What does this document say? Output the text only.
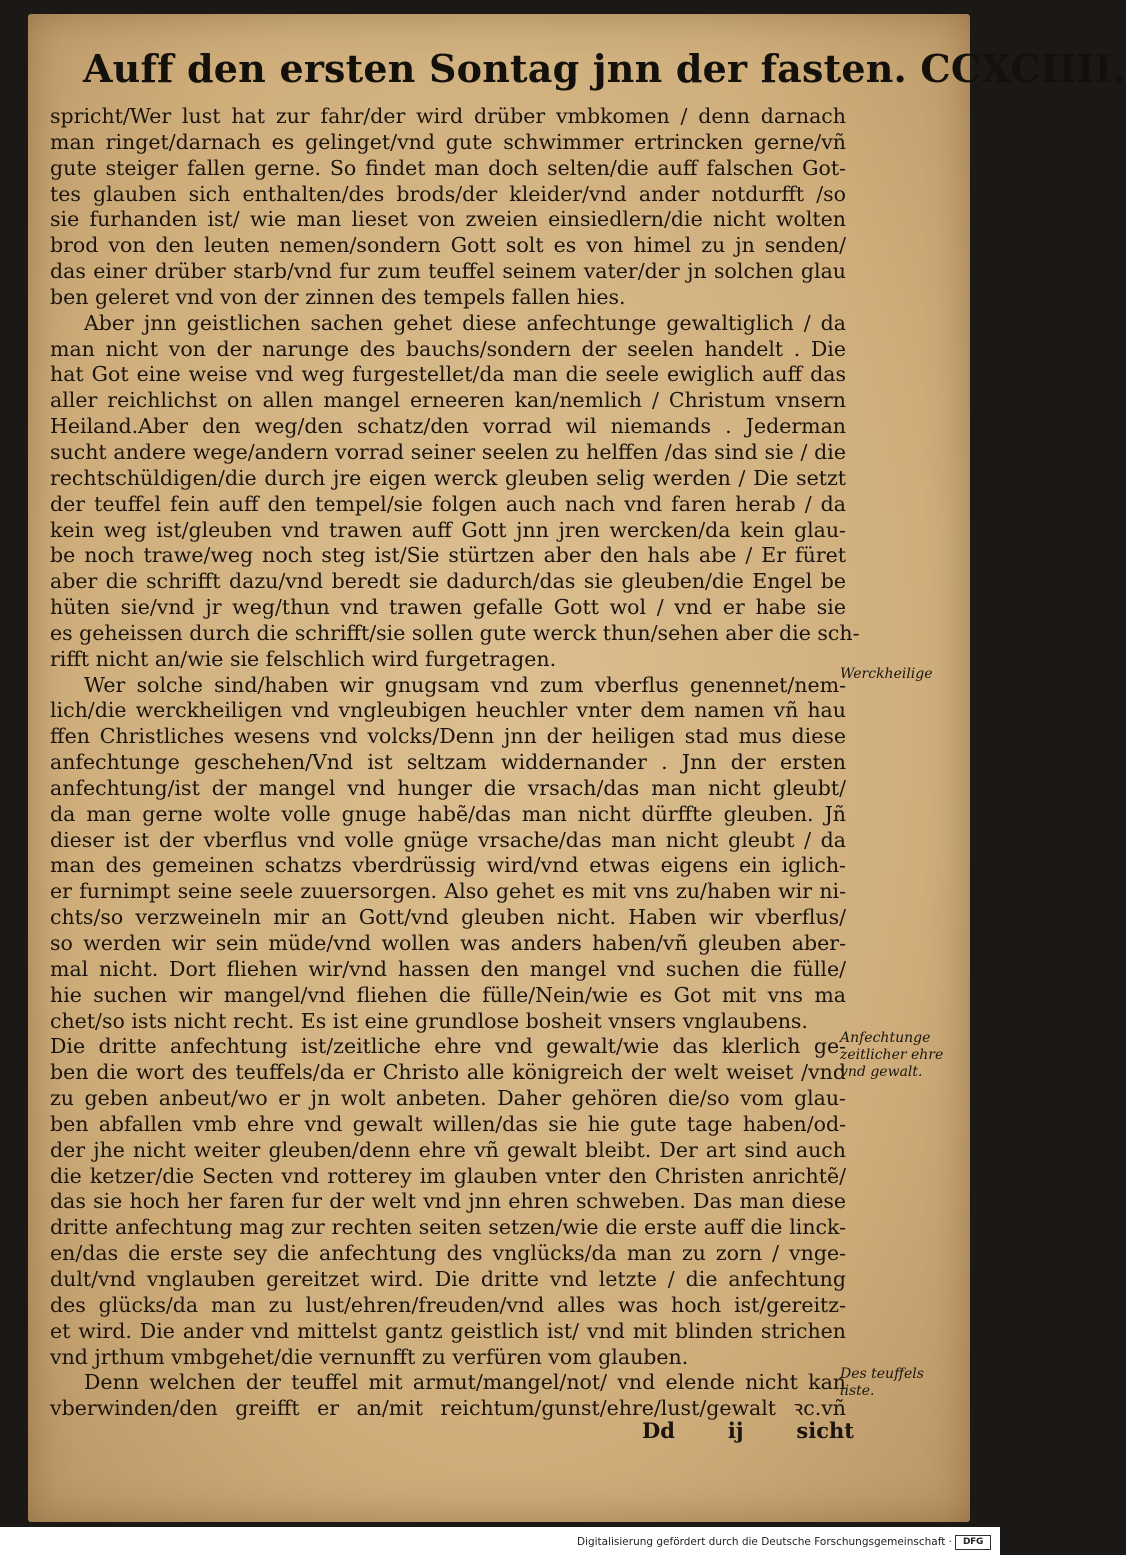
Auff den ersten Sontag jnn der fasten. CCXCIIII.
spricht/Wer lust hat zur fahr/der wird drüber vmbkomen / denn darnach
man ringet/darnach es gelinget/vnd gute schwimmer ertrincken gerne/vñ
gute steiger fallen gerne. So findet man doch selten/die auff falschen Got-
tes glauben sich enthalten/des brods/der kleider/vnd ander notdurfft /so
sie furhanden ist/ wie man lieset von zweien einsiedlern/die nicht wolten
brod von den leuten nemen/sondern Gott solt es von himel zu jn senden/
das einer drüber starb/vnd fur zum teuffel seinem vater/der jn solchen glau
ben geleret vnd von der zinnen des tempels fallen hies.
Aber jnn geistlichen sachen gehet diese anfechtunge gewaltiglich / da
man nicht von der narunge des bauchs/sondern der seelen handelt . Die
hat Got eine weise vnd weg furgestellet/da man die seele ewiglich auff das
aller reichlichst on allen mangel erneeren kan/nemlich / Christum vnsern
Heiland.Aber den weg/den schatz/den vorrad wil niemands . Jederman
sucht andere wege/andern vorrad seiner seelen zu helffen /das sind sie / die
rechtschüldigen/die durch jre eigen werck gleuben selig werden / Die setzt
der teuffel fein auff den tempel/sie folgen auch nach vnd faren herab / da
kein weg ist/gleuben vnd trawen auff Gott jnn jren wercken/da kein glau-
be noch trawe/weg noch steg ist/Sie stürtzen aber den hals abe / Er füret
aber die schrifft dazu/vnd beredt sie dadurch/das sie gleuben/die Engel be
hüten sie/vnd jr weg/thun vnd trawen gefalle Gott wol / vnd er habe sie
es geheissen durch die schrifft/sie sollen gute werck thun/sehen aber die sch-
rifft nicht an/wie sie felschlich wird furgetragen.
Wer solche sind/haben wir gnugsam vnd zum vberflus genennet/nem-
lich/die werckheiligen vnd vngleubigen heuchler vnter dem namen vñ hau
ffen Christliches wesens vnd volcks/Denn jnn der heiligen stad mus diese
anfechtunge geschehen/Vnd ist seltzam widdernander . Jnn der ersten
anfechtung/ist der mangel vnd hunger die vrsach/das man nicht gleubt/
da man gerne wolte volle gnuge habẽ/das man nicht dürffte gleuben. Jñ
dieser ist der vberflus vnd volle gnüge vrsache/das man nicht gleubt / da
man des gemeinen schatzs vberdrüssig wird/vnd etwas eigens ein iglich-
er furnimpt seine seele zuuersorgen. Also gehet es mit vns zu/haben wir ni-
chts/so verzweineln mir an Gott/vnd gleuben nicht. Haben wir vberflus/
so werden wir sein müde/vnd wollen was anders haben/vñ gleuben aber-
mal nicht. Dort fliehen wir/vnd hassen den mangel vnd suchen die fülle/
hie suchen wir mangel/vnd fliehen die fülle/Nein/wie es Got mit vns ma
chet/so ists nicht recht. Es ist eine grundlose bosheit vnsers vnglaubens.
Die dritte anfechtung ist/zeitliche ehre vnd gewalt/wie das klerlich ge-
ben die wort des teuffels/da er Christo alle königreich der welt weiset /vnd
zu geben anbeut/wo er jn wolt anbeten. Daher gehören die/so vom glau-
ben abfallen vmb ehre vnd gewalt willen/das sie hie gute tage haben/od-
der jhe nicht weiter gleuben/denn ehre vñ gewalt bleibt. Der art sind auch
die ketzer/die Secten vnd rotterey im glauben vnter den Christen anrichtẽ/
das sie hoch her faren fur der welt vnd jnn ehren schweben. Das man diese
dritte anfechtung mag zur rechten seiten setzen/wie die erste auff die linck-
en/das die erste sey die anfechtung des vnglücks/da man zu zorn / vnge-
dult/vnd vnglauben gereitzet wird. Die dritte vnd letzte / die anfechtung
des glücks/da man zu lust/ehren/freuden/vnd alles was hoch ist/gereitz-
et wird. Die ander vnd mittelst gantz geistlich ist/ vnd mit blinden strichen
vnd jrthum vmbgehet/die vernunfft zu verfüren vom glauben.
Denn welchen der teuffel mit armut/mangel/not/ vnd elende nicht kan
vberwinden/den greifft er an/mit reichtum/gunst/ehre/lust/gewalt ꝛc.vñ
Werckheilige
Anfechtunge zeitlicher ehre vnd gewalt.
Des teuffels liste.
Dd	ij	sicht
Digitalisierung gefördert durch die Deutsche Forschungsgemeinschaft ·	DFG
